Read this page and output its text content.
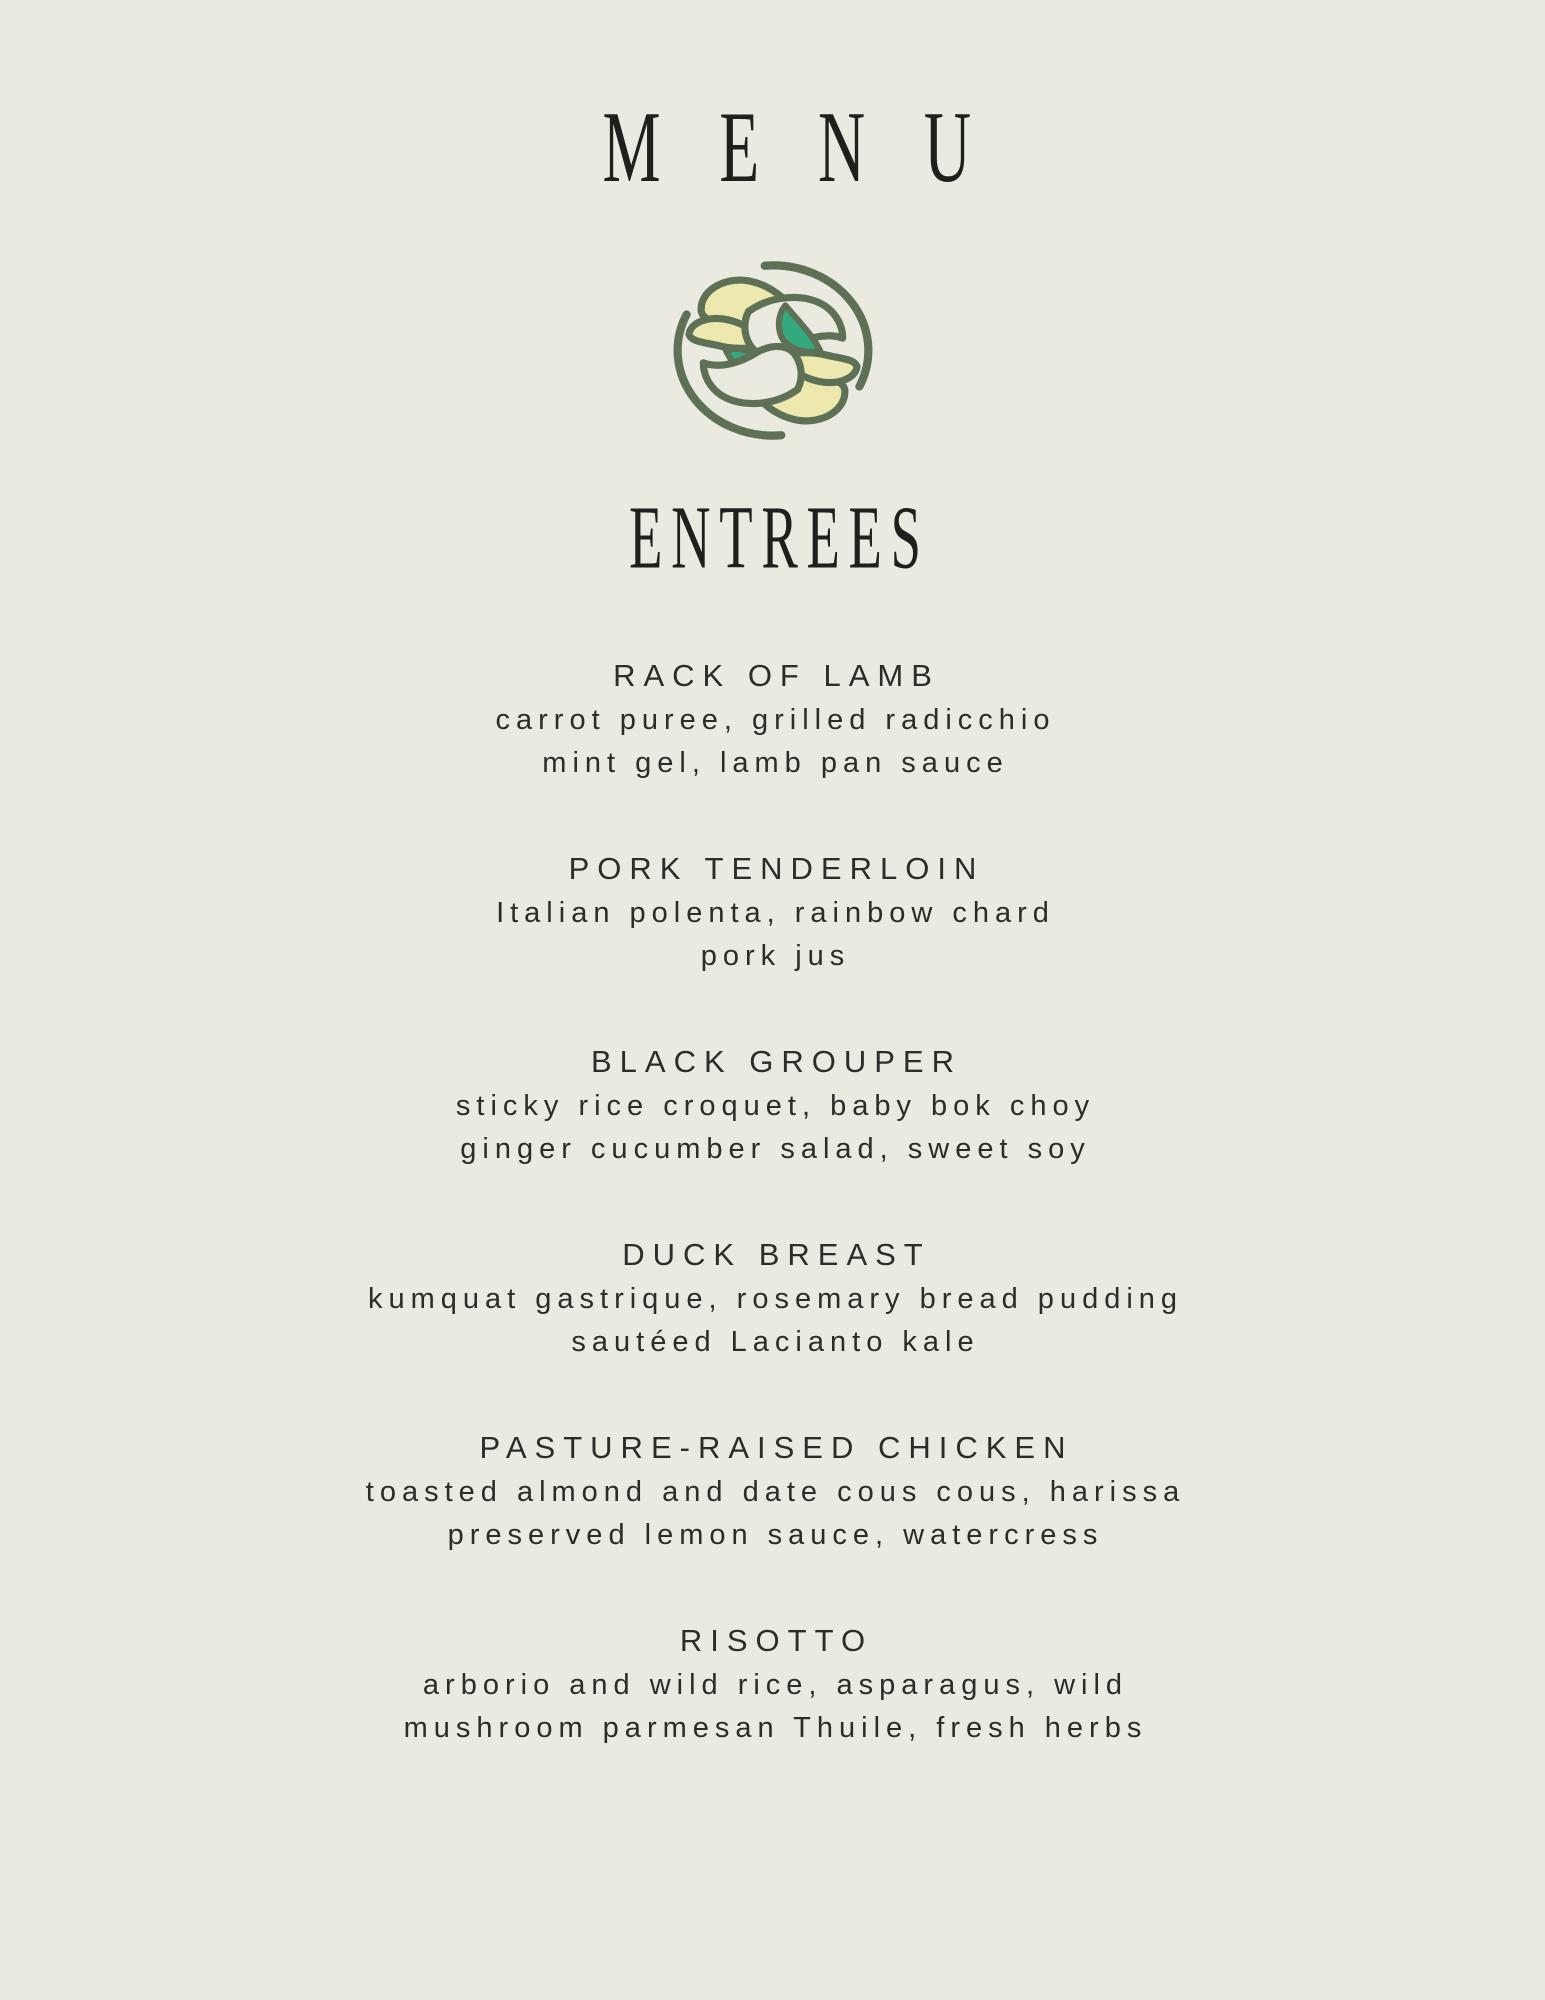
MENU
ENTREES
RACK OF LAMB
carrot puree, grilled radicchio
mint gel, lamb pan sauce
PORK TENDERLOIN
Italian polenta, rainbow chard
pork jus
BLACK GROUPER
sticky rice croquet, baby bok choy
ginger cucumber salad, sweet soy
DUCK BREAST
kumquat gastrique, rosemary bread pudding
sautéed Lacianto kale
PASTURE-RAISED CHICKEN
toasted almond and date cous cous, harissa
preserved lemon sauce, watercress
RISOTTO
arborio and wild rice, asparagus, wild
mushroom parmesan Thuile, fresh herbs
